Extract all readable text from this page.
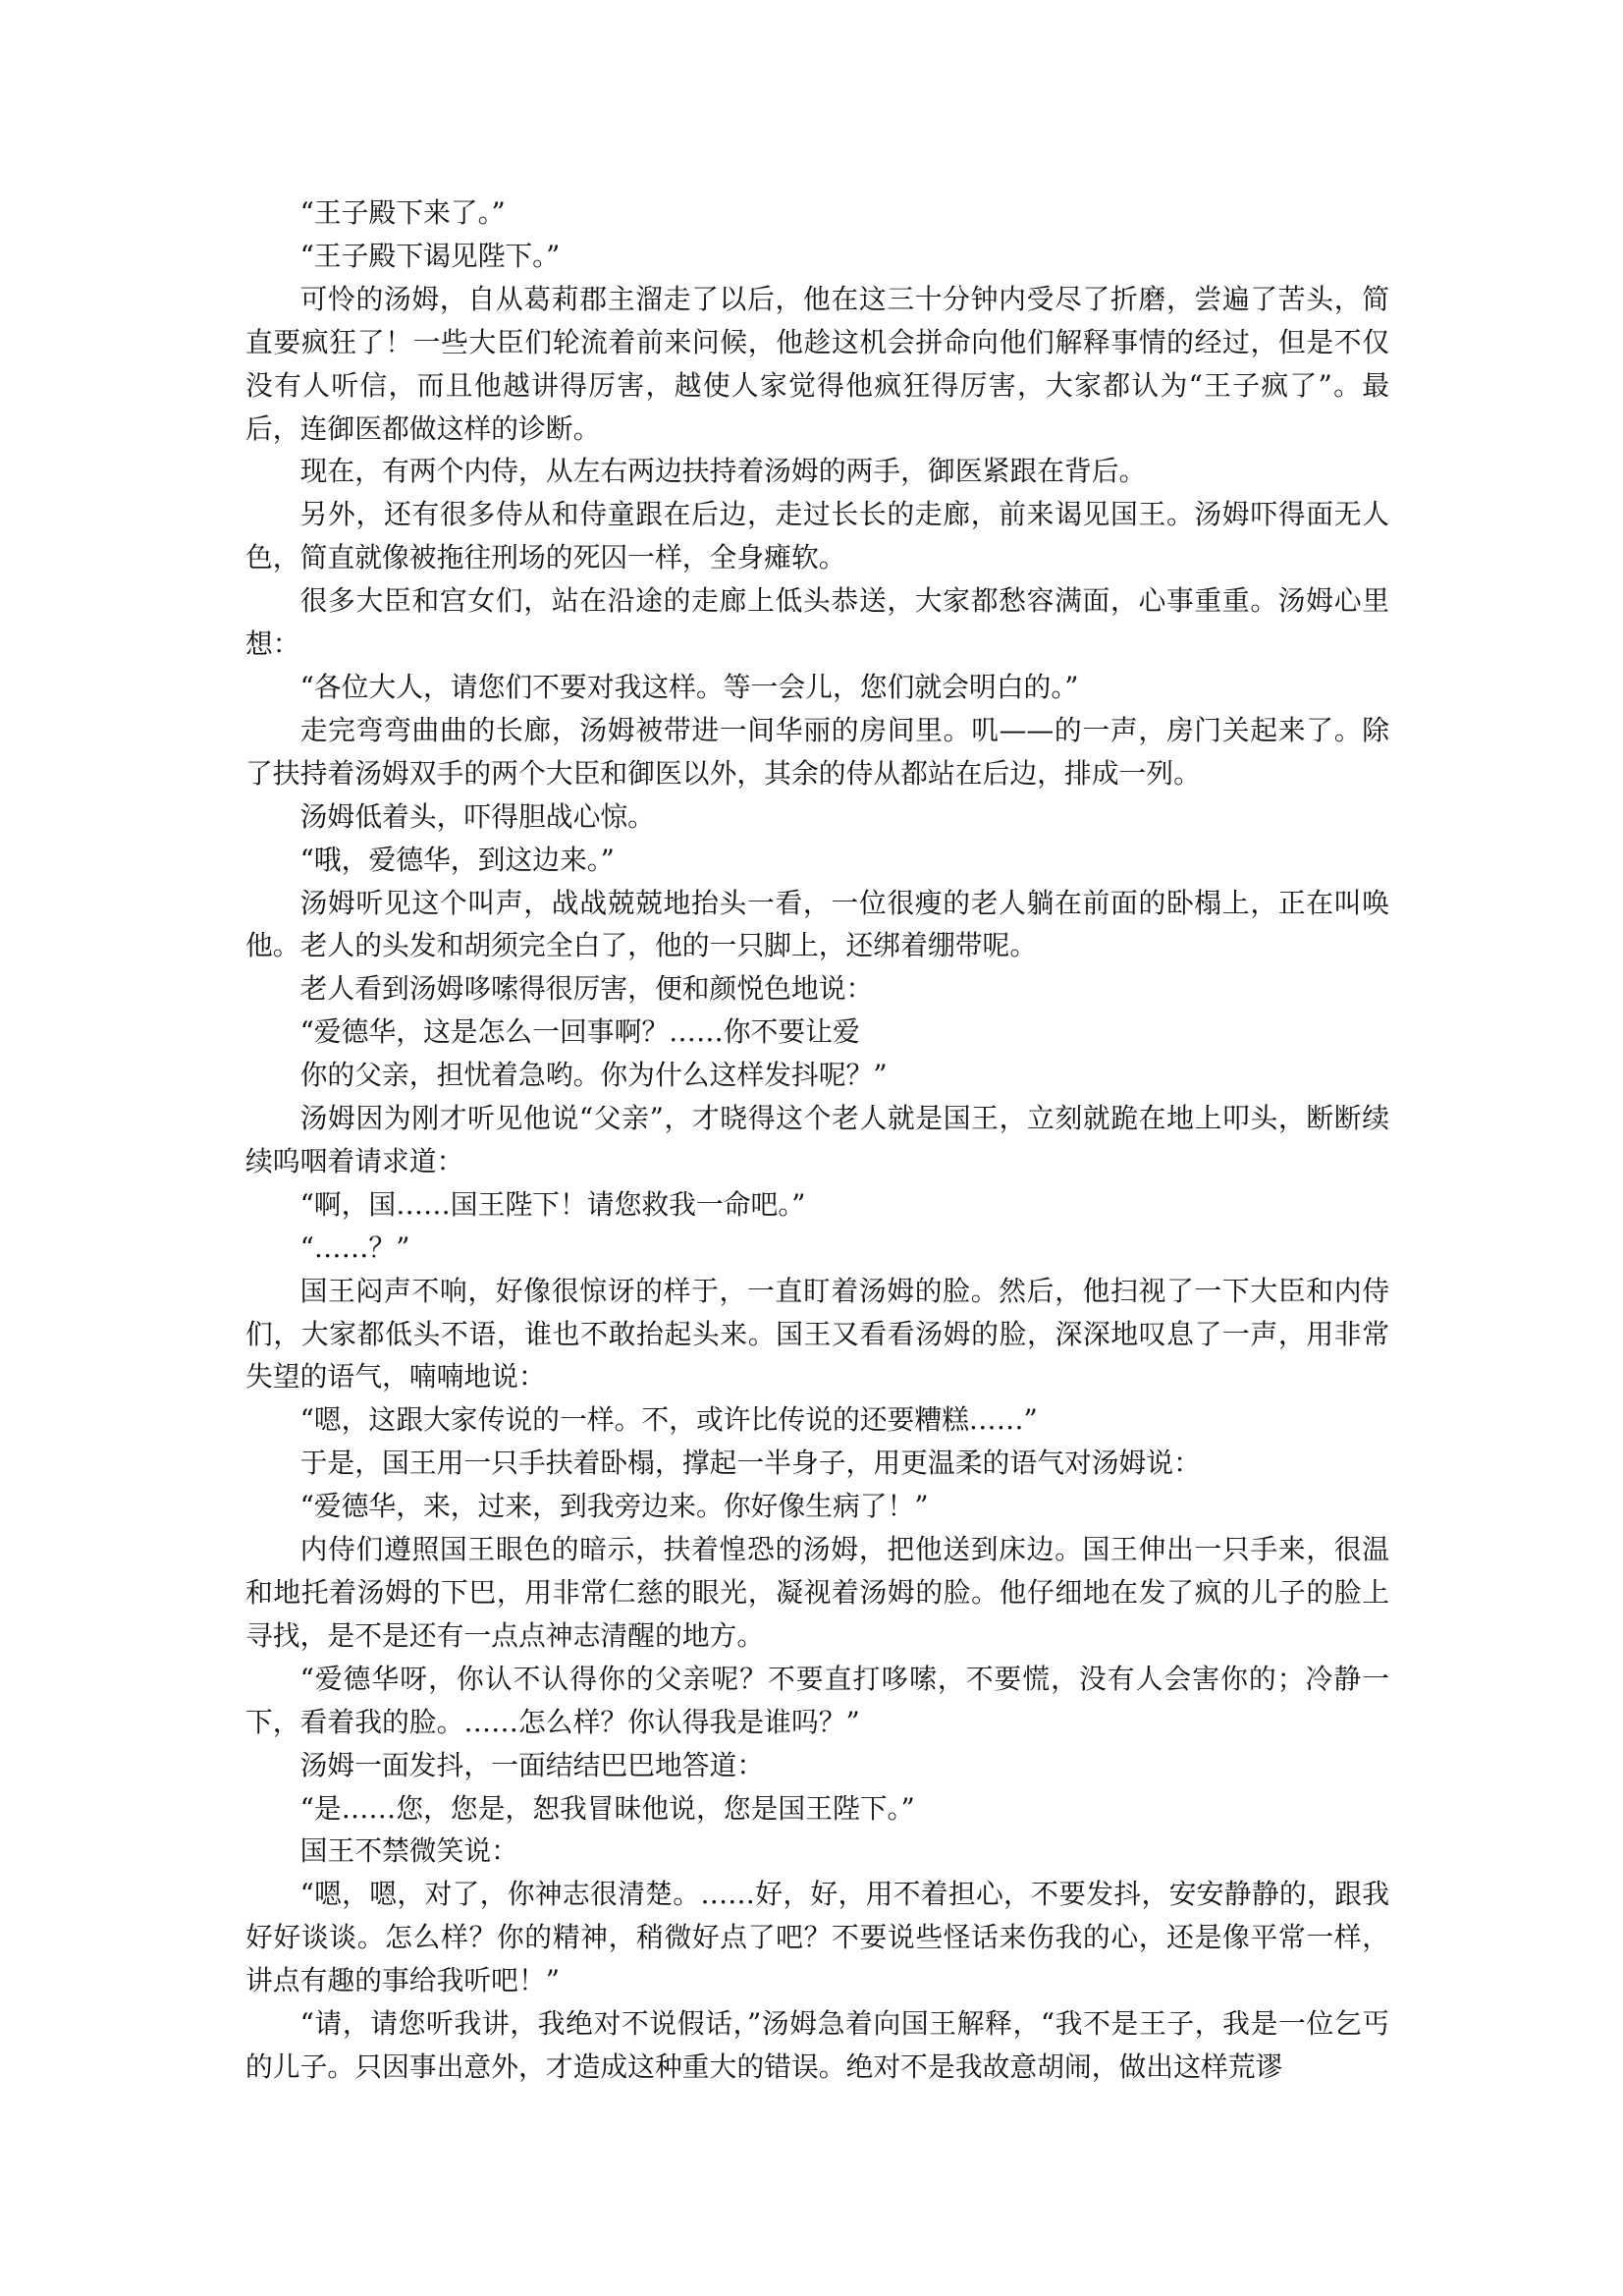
“王子殿下来了。”

“王子殿下谒见陛下。”

可怜的汤姆，自从葛莉郡主溜走了以后，他在这三十分钟内受尽了折磨，尝遍了苦头，简直要疯狂了！一些大臣们轮流着前来问候，他趁这机会拼命向他们解释事情的经过，但是不仅没有人听信，而且他越讲得厉害，越使人家觉得他疯狂得厉害，大家都认为“王子疯了”。最后，连御医都做这样的诊断。

现在，有两个内侍，从左右两边扶持着汤姆的两手，御医紧跟在背后。

另外，还有很多侍从和侍童跟在后边，走过长长的走廊，前来谒见国王。汤姆吓得面无人色，简直就像被拖往刑场的死囚一样，全身瘫软。

很多大臣和宫女们，站在沿途的走廊上低头恭送，大家都愁容满面，心事重重。汤姆心里想：

“各位大人，请您们不要对我这样。等一会儿，您们就会明白的。”

走完弯弯曲曲的长廊，汤姆被带进一间华丽的房间里。叽——的一声，房门关起来了。除了扶持着汤姆双手的两个大臣和御医以外，其余的侍从都站在后边，排成一列。

汤姆低着头，吓得胆战心惊。

“哦，爱德华，到这边来。”

汤姆听见这个叫声，战战兢兢地抬头一看，一位很瘦的老人躺在前面的卧榻上，正在叫唤他。老人的头发和胡须完全白了，他的一只脚上，还绑着绷带呢。

老人看到汤姆哆嗦得很厉害，便和颜悦色地说：

“爱德华，这是怎么一回事啊？……你不要让爱

你的父亲，担忧着急哟。你为什么这样发抖呢？”

汤姆因为刚才听见他说“父亲”，才晓得这个老人就是国王，立刻就跪在地上叩头，断断续续呜咽着请求道：

“啊，国……国王陛下！请您救我一命吧。”

“……？”

国王闷声不响，好像很惊讶的样于，一直盯着汤姆的脸。然后，他扫视了一下大臣和内侍们，大家都低头不语，谁也不敢抬起头来。国王又看看汤姆的脸，深深地叹息了一声，用非常失望的语气，喃喃地说：

“嗯，这跟大家传说的一样。不，或许比传说的还要糟糕……”

于是，国王用一只手扶着卧榻，撑起一半身子，用更温柔的语气对汤姆说：

“爱德华，来，过来，到我旁边来。你好像生病了！”

内侍们遵照国王眼色的暗示，扶着惶恐的汤姆，把他送到床边。国王伸出一只手来，很温和地托着汤姆的下巴，用非常仁慈的眼光，凝视着汤姆的脸。他仔细地在发了疯的儿子的脸上寻找，是不是还有一点点神志清醒的地方。

“爱德华呀，你认不认得你的父亲呢？不要直打哆嗦，不要慌，没有人会害你的；冷静一下，看着我的脸。……怎么样？你认得我是谁吗？”

汤姆一面发抖，一面结结巴巴地答道：

“是……您，您是，恕我冒昧他说，您是国王陛下。”

国王不禁微笑说：

“嗯，嗯，对了，你神志很清楚。……好，好，用不着担心，不要发抖，安安静静的，跟我好好谈谈。怎么样？你的精神，稍微好点了吧？不要说些怪话来伤我的心，还是像平常一样，讲点有趣的事给我听吧！”

“请，请您听我讲，我绝对不说假话，”汤姆急着向国王解释，“我不是王子，我是一位乞丐的儿子。只因事出意外，才造成这种重大的错误。绝对不是我故意胡闹，做出这样荒谬
